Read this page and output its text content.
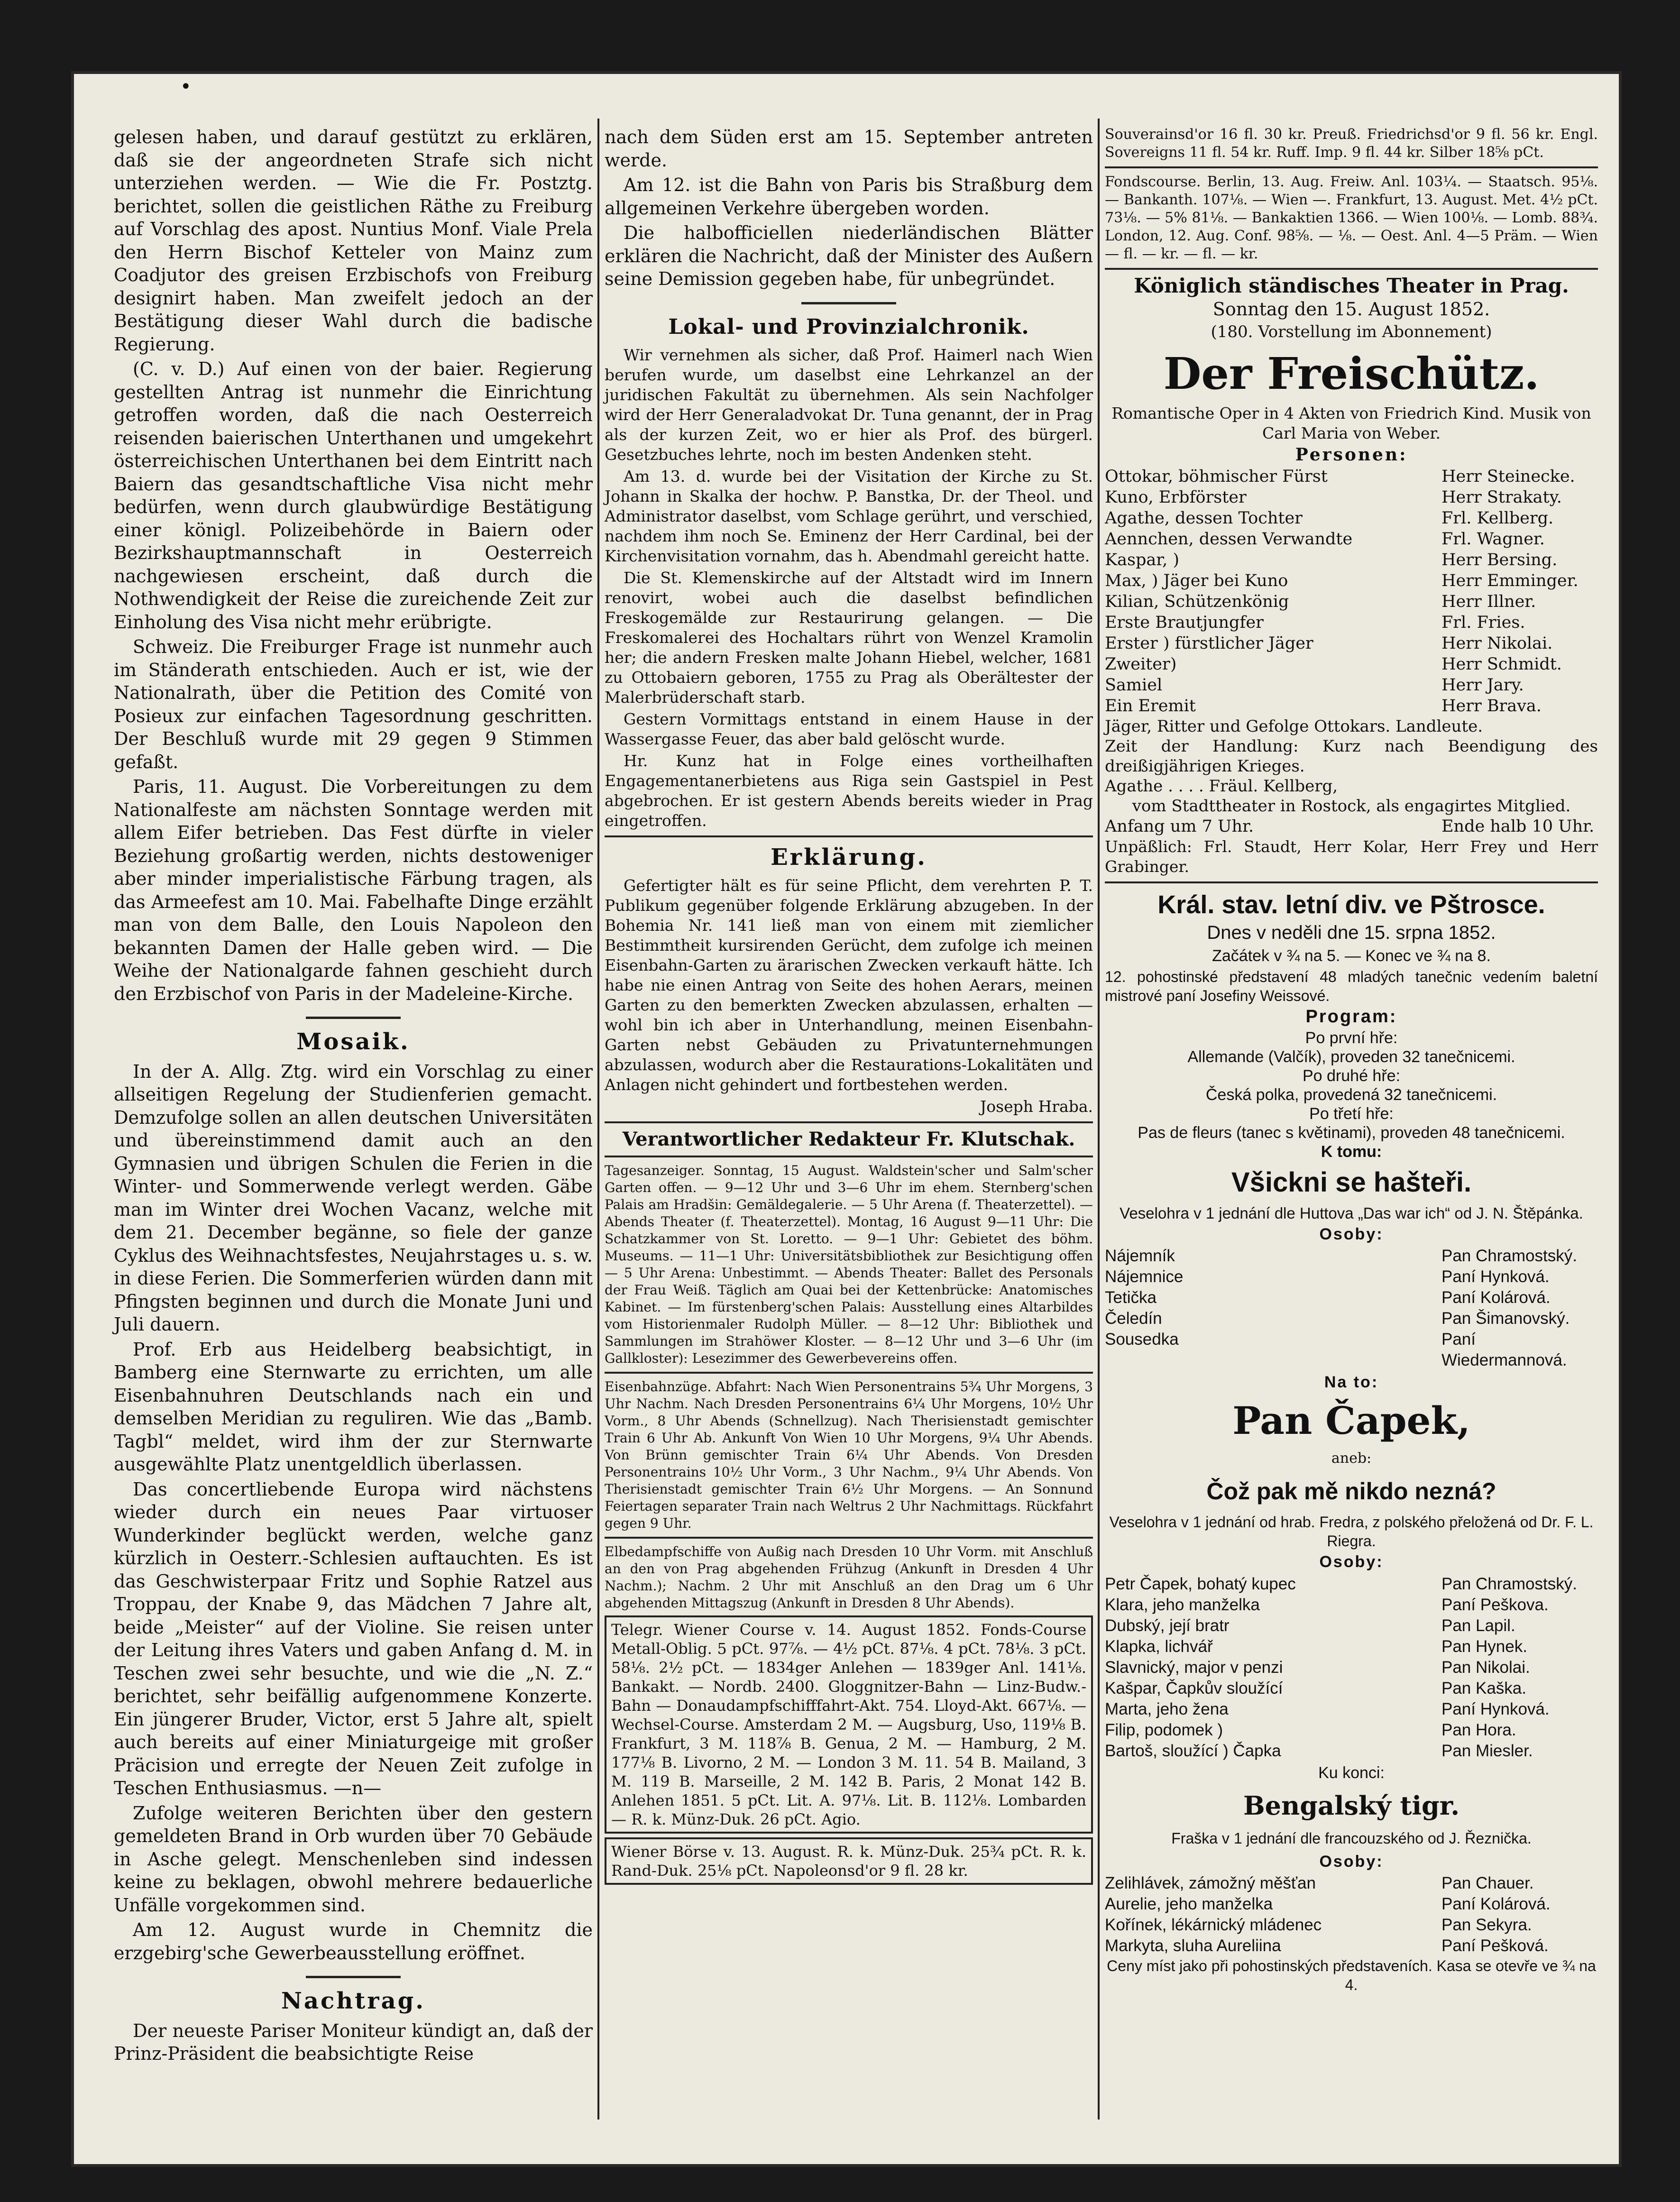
•

gelesen haben, und darauf gestützt zu erklären, daß sie der angeordneten Strafe sich nicht unterziehen werden. — Wie die Fr. Postztg. berichtet, sollen die geistlichen Räthe zu Freiburg auf Vorschlag des apost. Nuntius Monf. Viale Prela den Herrn Bischof Ketteler von Mainz zum Coadjutor des greisen Erzbischofs von Freiburg designirt haben. Man zweifelt jedoch an der Bestätigung dieser Wahl durch die badische Regierung.

(C. v. D.) Auf einen von der baier. Regierung gestellten Antrag ist nunmehr die Einrichtung getroffen worden, daß die nach Oesterreich reisenden baierischen Unterthanen und umgekehrt österreichischen Unterthanen bei dem Eintritt nach Baiern das gesandtschaftliche Visa nicht mehr bedürfen, wenn durch glaubwürdige Bestätigung einer königl. Polizeibehörde in Baiern oder Bezirkshauptmannschaft in Oesterreich nachgewiesen erscheint, daß durch die Nothwendigkeit der Reise die zureichende Zeit zur Einholung des Visa nicht mehr erübrigte.

Schweiz. Die Freiburger Frage ist nunmehr auch im Ständerath entschieden. Auch er ist, wie der Nationalrath, über die Petition des Comité von Posieux zur einfachen Tagesordnung geschritten. Der Beschluß wurde mit 29 gegen 9 Stimmen gefaßt.

Paris, 11. August. Die Vorbereitungen zu dem Nationalfeste am nächsten Sonntage werden mit allem Eifer betrieben. Das Fest dürfte in vieler Beziehung großartig werden, nichts destoweniger aber minder imperialistische Färbung tragen, als das Armeefest am 10. Mai. Fabelhafte Dinge erzählt man von dem Balle, den Louis Napoleon den bekannten Damen der Halle geben wird. — Die Weihe der Nationalgarde fahnen geschieht durch den Erzbischof von Paris in der Madeleine-Kirche.

Mosaik.

In der A. Allg. Ztg. wird ein Vorschlag zu einer allseitigen Regelung der Studienferien gemacht. Demzufolge sollen an allen deutschen Universitäten und übereinstimmend damit auch an den Gymnasien und übrigen Schulen die Ferien in die Winter- und Sommerwende verlegt werden. Gäbe man im Winter drei Wochen Vacanz, welche mit dem 21. December begänne, so fiele der ganze Cyklus des Weihnachtsfestes, Neujahrstages u. s. w. in diese Ferien. Die Sommerferien würden dann mit Pfingsten beginnen und durch die Monate Juni und Juli dauern.

Prof. Erb aus Heidelberg beabsichtigt, in Bamberg eine Sternwarte zu errichten, um alle Eisenbahnuhren Deutschlands nach ein und demselben Meridian zu reguliren. Wie das „Bamb. Tagbl“ meldet, wird ihm der zur Sternwarte ausgewählte Platz unentgeldlich überlassen.

Das concertliebende Europa wird nächstens wieder durch ein neues Paar virtuoser Wunderkinder beglückt werden, welche ganz kürzlich in Oesterr.-Schlesien auftauchten. Es ist das Geschwisterpaar Fritz und Sophie Ratzel aus Troppau, der Knabe 9, das Mädchen 7 Jahre alt, beide „Meister“ auf der Violine. Sie reisen unter der Leitung ihres Vaters und gaben Anfang d. M. in Teschen zwei sehr besuchte, und wie die „N. Z.“ berichtet, sehr beifällig aufgenommene Konzerte. Ein jüngerer Bruder, Victor, erst 5 Jahre alt, spielt auch bereits auf einer Miniaturgeige mit großer Präcision und erregte der Neuen Zeit zufolge in Teschen Enthusiasmus. —n—

Zufolge weiteren Berichten über den gestern gemeldeten Brand in Orb wurden über 70 Gebäude in Asche gelegt. Menschenleben sind indessen keine zu beklagen, obwohl mehrere bedauerliche Unfälle vorgekommen sind.

Am 12. August wurde in Chemnitz die erzgebirg'sche Gewerbeausstellung eröffnet.

Nachtrag.

Der neueste Pariser Moniteur kündigt an, daß der Prinz-Präsident die beabsichtigte Reise

nach dem Süden erst am 15. September antreten werde.

Am 12. ist die Bahn von Paris bis Straßburg dem allgemeinen Verkehre übergeben worden.

Die halbofficiellen niederländischen Blätter erklären die Nachricht, daß der Minister des Außern seine Demission gegeben habe, für unbegründet.

Lokal- und Provinzialchronik.

Wir vernehmen als sicher, daß Prof. Haimerl nach Wien berufen wurde, um daselbst eine Lehrkanzel an der juridischen Fakultät zu übernehmen. Als sein Nachfolger wird der Herr Generaladvokat Dr. Tuna genannt, der in Prag als der kurzen Zeit, wo er hier als Prof. des bürgerl. Gesetzbuches lehrte, noch im besten Andenken steht.

Am 13. d. wurde bei der Visitation der Kirche zu St. Johann in Skalka der hochw. P. Banstka, Dr. der Theol. und Administrator daselbst, vom Schlage gerührt, und verschied, nachdem ihm noch Se. Eminenz der Herr Cardinal, bei der Kirchenvisitation vornahm, das h. Abendmahl gereicht hatte.

Die St. Klemenskirche auf der Altstadt wird im Innern renovirt, wobei auch die daselbst befindlichen Freskogemälde zur Restaurirung gelangen. — Die Freskomalerei des Hochaltars rührt von Wenzel Kramolin her; die andern Fresken malte Johann Hiebel, welcher, 1681 zu Ottobaiern geboren, 1755 zu Prag als Oberältester der Malerbrüderschaft starb.

Gestern Vormittags entstand in einem Hause in der Wassergasse Feuer, das aber bald gelöscht wurde.

Hr. Kunz hat in Folge eines vortheilhaften Engagementanerbietens aus Riga sein Gastspiel in Pest abgebrochen. Er ist gestern Abends bereits wieder in Prag eingetroffen.

Erklärung.

Gefertigter hält es für seine Pflicht, dem verehrten P. T. Publikum gegenüber folgende Erklärung abzugeben. In der Bohemia Nr. 141 ließ man von einem mit ziemlicher Bestimmtheit kursirenden Gerücht, dem zufolge ich meinen Eisenbahn-Garten zu ärarischen Zwecken verkauft hätte. Ich habe nie einen Antrag von Seite des hohen Aerars, meinen Garten zu den bemerkten Zwecken abzulassen, erhalten — wohl bin ich aber in Unterhandlung, meinen Eisenbahn-Garten nebst Gebäuden zu Privatunternehmungen abzulassen, wodurch aber die Restaurations-Lokalitäten und Anlagen nicht gehindert und fortbestehen werden.

Joseph Hraba.
Verantwortlicher Redakteur Fr. Klutschak.

Tagesanzeiger. Sonntag, 15 August. Waldstein'scher und Salm'scher Garten offen. — 9—12 Uhr und 3—6 Uhr im ehem. Sternberg'schen Palais am Hradšin: Gemäldegalerie. — 5 Uhr Arena (f. Theaterzettel). — Abends Theater (f. Theaterzettel). Montag, 16 August 9—11 Uhr: Die Schatzkammer von St. Loretto. — 9—1 Uhr: Gebietet des böhm. Museums. — 11—1 Uhr: Universitätsbibliothek zur Besichtigung offen — 5 Uhr Arena: Unbestimmt. — Abends Theater: Ballet des Personals der Frau Weiß. Täglich am Quai bei der Kettenbrücke: Anatomisches Kabinet. — Im fürstenberg'schen Palais: Ausstellung eines Altarbildes vom Historienmaler Rudolph Müller. — 8—12 Uhr: Bibliothek und Sammlungen im Strahöwer Kloster. — 8—12 Uhr und 3—6 Uhr (im Gallkloster): Lesezimmer des Gewerbevereins offen.

Eisenbahnzüge. Abfahrt: Nach Wien Personentrains 5¾ Uhr Morgens, 3 Uhr Nachm. Nach Dresden Personentrains 6¼ Uhr Morgens, 10½ Uhr Vorm., 8 Uhr Abends (Schnellzug). Nach Therisienstadt gemischter Train 6 Uhr Ab. Ankunft Von Wien 10 Uhr Morgens, 9¼ Uhr Abends. Von Brünn gemischter Train 6¼ Uhr Abends. Von Dresden Personentrains 10½ Uhr Vorm., 3 Uhr Nachm., 9¼ Uhr Abends. Von Therisienstadt gemischter Train 6½ Uhr Morgens. — An Sonnund Feiertagen separater Train nach Weltrus 2 Uhr Nachmittags. Rückfahrt gegen 9 Uhr.

Elbedampfschiffe von Außig nach Dresden 10 Uhr Vorm. mit Anschluß an den von Prag abgehenden Frühzug (Ankunft in Dresden 4 Uhr Nachm.); Nachm. 2 Uhr mit Anschluß an den Drag um 6 Uhr abgehenden Mittagszug (Ankunft in Dresden 8 Uhr Abends).

Telegr. Wiener Course v. 14. August 1852. Fonds-Course Metall-Oblig. 5 pCt. 97⅞. — 4½ pCt. 87⅛. 4 pCt. 78⅛. 3 pCt. 58⅛. 2½ pCt. — 1834ger Anlehen — 1839ger Anl. 141⅛. Bankakt. — Nordb. 2400. Gloggnitzer-Bahn — Linz-Budw.-Bahn — Donaudampfschifffahrt-Akt. 754. Lloyd-Akt. 667⅛. — Wechsel-Course. Amsterdam 2 M. — Augsburg, Uso, 119⅛ B. Frankfurt, 3 M. 118⅞ B. Genua, 2 M. — Hamburg, 2 M. 177⅛ B. Livorno, 2 M. — London 3 M. 11. 54 B. Mailand, 3 M. 119 B. Marseille, 2 M. 142 B. Paris, 2 Monat 142 B. Anlehen 1851. 5 pCt. Lit. A. 97⅛. Lit. B. 112⅛. Lombarden — R. k. Münz-Duk. 26 pCt. Agio.
Wiener Börse v. 13. August. R. k. Münz-Duk. 25¾ pCt. R. k. Rand-Duk. 25⅛ pCt. Napoleonsd'or 9 fl. 28 kr.
Souverainsd'or 16 fl. 30 kr. Preuß. Friedrichsd'or 9 fl. 56 kr. Engl. Sovereigns 11 fl. 54 kr. Ruff. Imp. 9 fl. 44 kr. Silber 18⅝ pCt.
Fondscourse. Berlin, 13. Aug. Freiw. Anl. 103¼. — Staatsch. 95⅛. — Bankanth. 107⅛. — Wien —. Frankfurt, 13. August. Met. 4½ pCt. 73⅛. — 5% 81⅛. — Bankaktien 1366. — Wien 100⅛. — Lomb. 88¾. London, 12. Aug. Conf. 98⅝. — ⅛. — Oest. Anl. 4—5 Präm. — Wien — fl. — kr. — fl. — kr.
Königlich ständisches Theater in Prag.
Sonntag den 15. August 1852.
(180. Vorstellung im Abonnement)
Der Freischütz.
Romantische Oper in 4 Akten von Friedrich Kind. Musik von Carl Maria von Weber.
Personen:
Ottokar, böhmischer Fürst	Herr Steinecke.
Kuno, Erbförster	Herr Strakaty.
Agathe, dessen Tochter	Frl. Kellberg.
Aennchen, dessen Verwandte	Frl. Wagner.
Kaspar, )	Herr Bersing.
Max, ) Jäger bei Kuno	Herr Emminger.
Kilian, Schützenkönig	Herr Illner.
Erste Brautjungfer	Frl. Fries.
Erster ) fürstlicher Jäger	Herr Nikolai.
Zweiter)	Herr Schmidt.
Samiel	Herr Jary.
Ein Eremit	Herr Brava.
Jäger, Ritter und Gefolge Ottokars. Landleute.
Zeit der Handlung: Kurz nach Beendigung des dreißigjährigen Krieges.
Agathe . . . . Fräul. Kellberg,
vom Stadttheater in Rostock, als engagirtes Mitglied.
Anfang um 7 Uhr.	Ende halb 10 Uhr.
Unpäßlich: Frl. Staudt, Herr Kolar, Herr Frey und Herr Grabinger.
Král. stav. letní div. ve Pštrosce.
Dnes v neděli dne 15. srpna 1852.
Začátek v ¾ na 5. — Konec ve ¾ na 8.
12. pohostinské představení 48 mladých tanečnic vedením baletní mistrové paní Josefiny Weissové.
Program:
Po první hře:
Allemande (Valčík), proveden 32 tanečnicemi.
Po druhé hře:
Česká polka, provedená 32 tanečnicemi.
Po třetí hře:
Pas de fleurs (tanec s květinami), proveden 48 tanečnicemi.
K tomu:
Všickni se hašteři.
Veselohra v 1 jednání dle Huttova „Das war ich“ od J. N. Štěpánka.
Osoby:
Nájemník	Pan Chramostský.
Nájemnice	Paní Hynková.
Tetička	Paní Kolárová.
Čeledín	Pan Šimanovský.
Sousedka	Paní Wiedermannová.
Na to:
Pan Čapek,
aneb:
Čož pak mě nikdo nezná?
Veselohra v 1 jednání od hrab. Fredra, z polského přeložená od Dr. F. L. Riegra.
Osoby:
Petr Čapek, bohatý kupec	Pan Chramostský.
Klara, jeho manželka	Paní Peškova.
Dubský, její bratr	Pan Lapil.
Klapka, lichvář	Pan Hynek.
Slavnický, major v penzi	Pan Nikolai.
Kašpar, Čapkův sloužící	Pan Kaška.
Marta, jeho žena	Paní Hynková.
Filip, podomek )	Pan Hora.
Bartoš, sloužící ) Čapka	Pan Miesler.
Ku konci:
Bengalský tigr.
Fraška v 1 jednání dle francouzského od J. Řeznička.
Osoby:
Zelihlávek, zámožný měšťan	Pan Chauer.
Aurelie, jeho manželka	Paní Kolárová.
Kořínek, lékárnický mládenec	Pan Sekyra.
Markyta, sluha Aureliina	Paní Pešková.
Ceny míst jako při pohostinských představeních. Kasa se otevře ve ¾ na 4.
